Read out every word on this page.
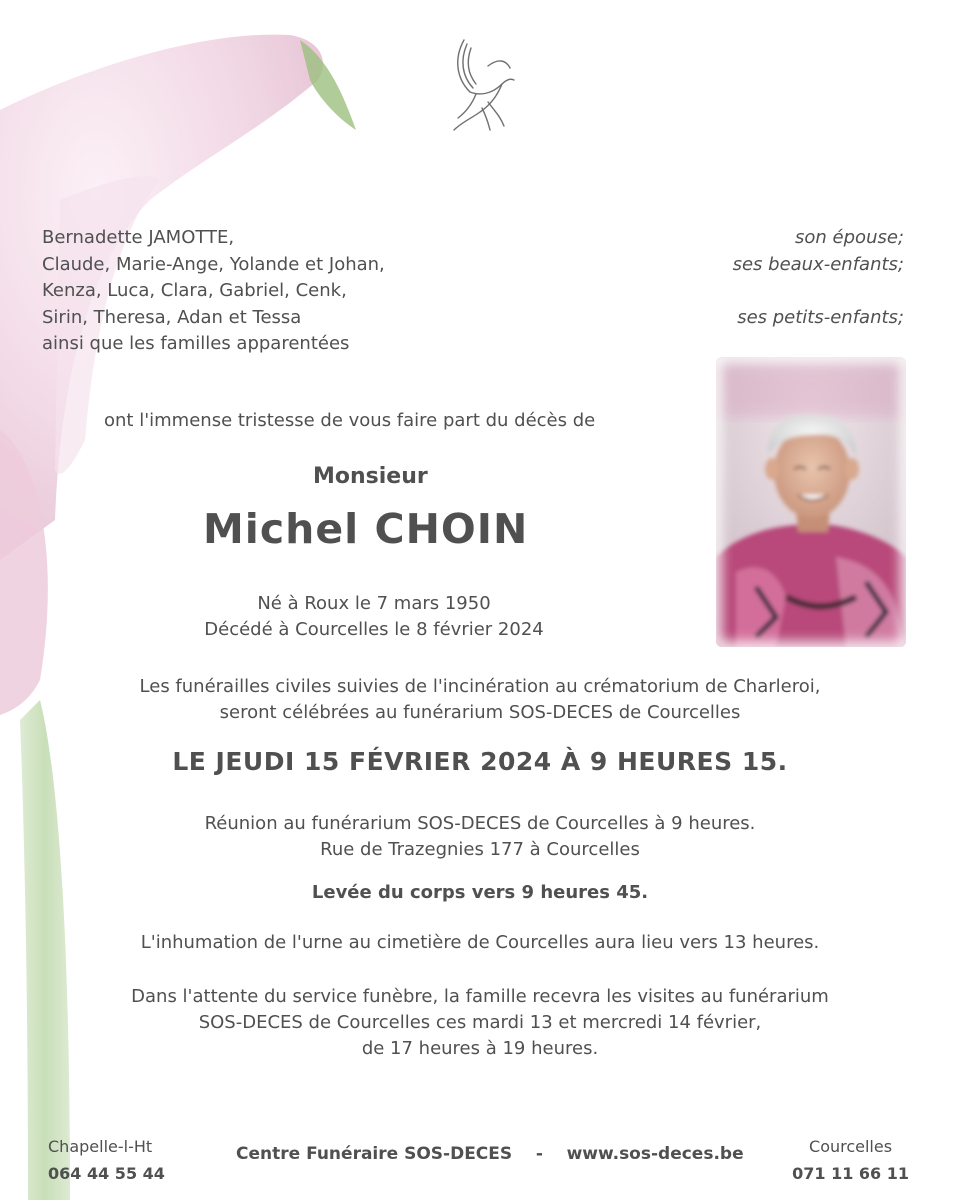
Bernadette JAMOTTE,	son épouse;
Claude, Marie-Ange, Yolande et Johan,	ses beaux-enfants;
Kenza, Luca, Clara, Gabriel, Cenk,
Sirin, Theresa, Adan et Tessa	ses petits-enfants;
ainsi que les familles apparentées
ont l'immense tristesse de vous faire part du décès de
Monsieur
Michel CHOIN
Né à Roux le 7 mars 1950
Décédé à Courcelles le 8 février 2024
Les funérailles civiles suivies de l'incinération au crématorium de Charleroi,
seront célébrées au funérarium SOS-DECES de Courcelles
LE JEUDI 15 FÉVRIER 2024 À 9 HEURES 15.
Réunion au funérarium SOS-DECES de Courcelles à 9 heures.
Rue de Trazegnies 177 à Courcelles
Levée du corps vers 9 heures 45.
L'inhumation de l'urne au cimetière de Courcelles aura lieu vers 13 heures.
Dans l'attente du service funèbre, la famille recevra les visites au funérarium
SOS-DECES de Courcelles ces mardi 13 et mercredi 14 février,
de 17 heures à 19 heures.
Chapelle-l-Ht
064 44 55 44
Centre Funéraire SOS-DECES - www.sos-deces.be	Courcelles
071 11 66 11
